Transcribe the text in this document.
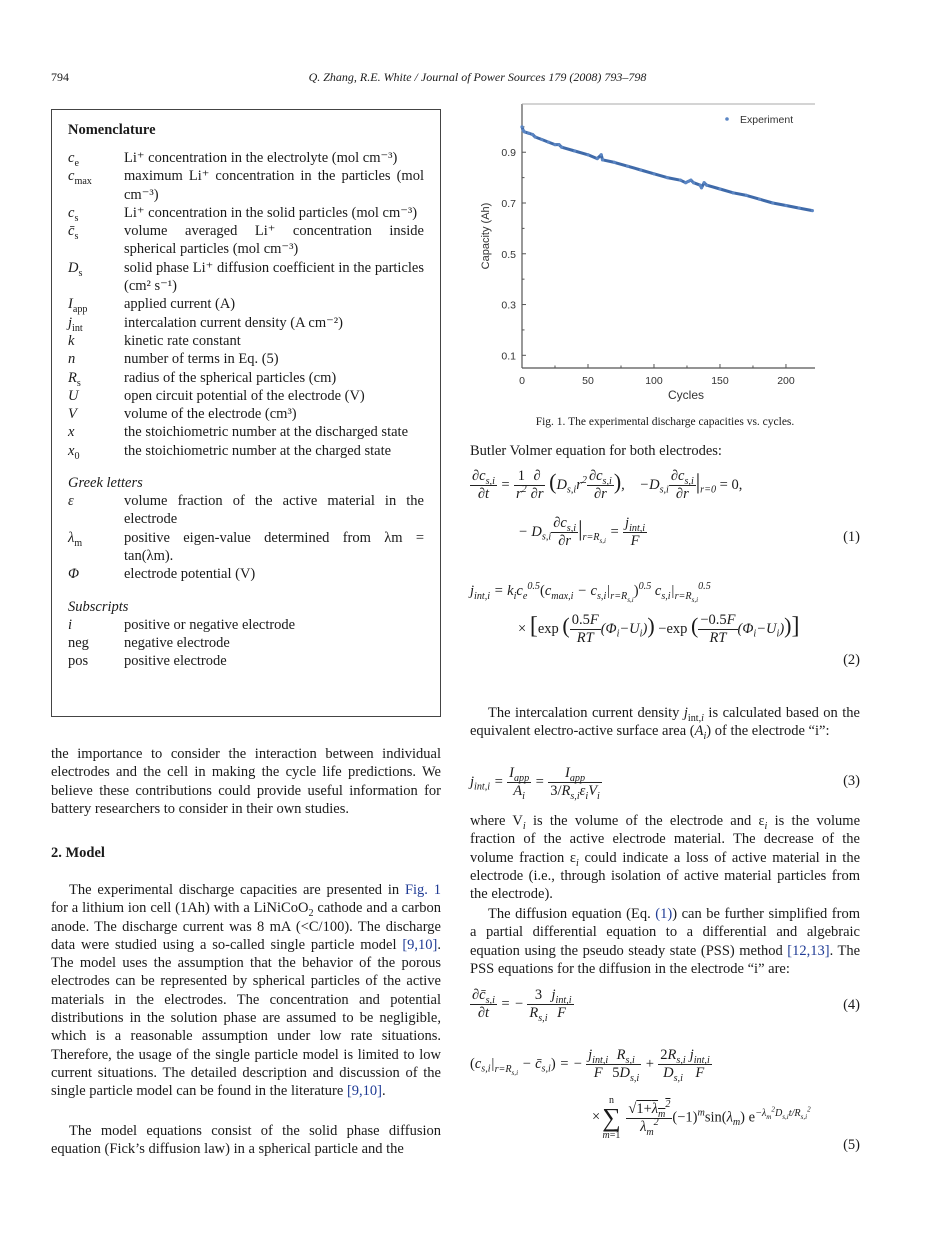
794	Q. Zhang, R.E. White / Journal of Power Sources 179 (2008) 793–798
Nomenclature
$c_e$	Li⁺ concentration in the electrolyte (mol cm⁻³)
$c_{max}$	maximum Li⁺ concentration in the particles (mol cm⁻³)
$c_s$	Li⁺ concentration in the solid particles (mol cm⁻³)
$c̄_s$	volume averaged Li⁺ concentration inside spherical particles (mol cm⁻³)
$D_s$	solid phase Li⁺ diffusion coefficient in the particles (cm² s⁻¹)
$I_{app}$	applied current (A)
$j_{int}$	intercalation current density (A cm⁻²)
k	kinetic rate constant
n	number of terms in Eq. (5)
$R_s$	radius of the spherical particles (cm)
U	open circuit potential of the electrode (V)
V	volume of the electrode (cm³)
x	the stoichiometric number at the discharged state
$x_0$	the stoichiometric number at the charged state
Greek letters
ε	volume fraction of the active material in the electrode
$\lambda_m$	positive eigen-value determined from λm = tan(λm).
Φ	electrode potential (V)
Subscripts
i	positive or negative electrode
neg	negative electrode
pos	positive electrode
the importance to consider the interaction between individual electrodes and the cell in making the cycle life predictions. We believe these contributions could provide useful information for battery researchers to consider in their own studies.
2. Model
The experimental discharge capacities are presented in Fig. 1 for a lithium ion cell (1Ah) with a LiNiCoO$_2$ cathode and a carbon anode. The discharge current was 8 mA (<C/100). The discharge data were studied using a so-called single particle model [9,10]. The model uses the assumption that the behavior of the porous electrodes can be represented by spherical particles of the active materials in the electrodes. The concentration and potential distributions in the solution phase are assumed to be negligible, which is a reasonable assumption under low rate situations. Therefore, the usage of the single particle model is limited to low current situations. The detailed description and discussion of the single particle model can be found in the literature [9,10].
The model equations consist of the solid phase diffusion equation (Fick’s diffusion law) in a spherical particle and the
0	50	100	150	200
0.1
0.3
0.5
0.7
0.9
Experiment
Cycles
Capacity (Ah)
Fig. 1. The experimental discharge capacities vs. cycles.
Butler Volmer equation for both electrodes:
$\frac{\partial c_{s,i}}{\partial t} = \frac{1}{r^2} \frac{\partial}{\partial r} (D_{s,i}r^2 \frac{\partial c_{s,i}}{\partial r}$ ),    $-D_{s,i} \frac{\partial c_{s,i}}{\partial r} |_{r=0} = 0$,
− $D_{s,i} \frac{\partial c_{s,i}}{\partial r} |_{r=R_{s,i}} = \frac{j_{int,i}}{F}$	(1)
$j_{int,i} = k_ic_e^{0.5}(c_{max,i} - c_{s,i}|_{r=R_{s,i}})^{0.5}$ $c_{s,i}|_{r=R_{s,i}}^{0.5}$
× [exp ( $\frac{0.5F}{RT} (\Phi_i-U_i)) -\exp$ ( $\frac{-0.5F}{RT} (\Phi_i-U_i)$)]
(2)
The intercalation current density $j_{int,i}$ is calculated based on the equivalent electro-active surface area $(A_i)$ of the electrode “i”:
$j_{int,i} = \frac{I_{app}}{A_i} = \frac{I_{app}}{3/R_{s,i}\varepsilon_iV_i}$	(3)
where $V_i$ is the volume of the electrode and $\varepsilon_i$ is the volume fraction of the active electrode material. The decrease of the volume fraction $\varepsilon_i$ could indicate a loss of active material in the electrode (i.e., through isolation of active material particles from the electrode).
The diffusion equation (Eq. (1)) can be further simplified from a partial differential equation to a differential and algebraic equation using the pseudo steady state (PSS) method [12,13]. The PSS equations for the diffusion in the electrode “i” are:
$\frac{\partial c̄_{s,i}}{\partial t}$ = − $\frac{3}{R_{s,i}} \frac{j_{int,i}}{F}$	(4)
($c_{s,i}|_{r=R_{s,i}}$ − $c̄_{s,i}$) = − $\frac{j_{int,i}}{F} \frac{R_{s,i}}{5D_{s,i}} + \frac{2R_{s,i}}{D_{s,i}} \frac{j_{int,i}}{F}$
×
n
∑
m=1
$\frac{√1+\lambda_m^2}{\lambda_m^2} (-1)^m\sin(\lambda_m)$ $e^{-\lambda_m^2D_{s,i}t/R_{s,i}^2}$
(5)
